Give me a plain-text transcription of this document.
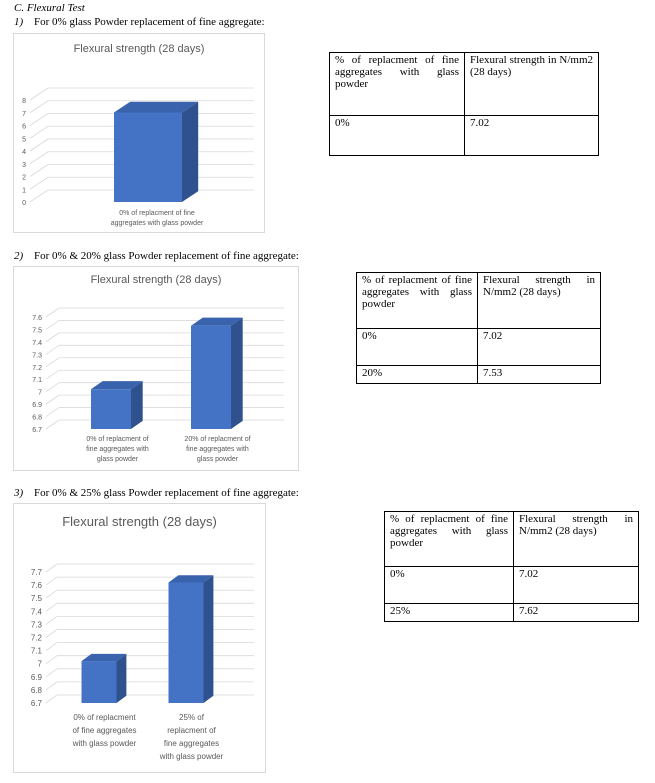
C. Flexural Test
1) For 0% glass Powder replacement of fine aggregate:
Flexural strength (28 days)
0
1
2
3
4
5
6
7
8
0% of replacment of fine
aggregates with glass powder
% of replacment of fine aggregates with glass powder	Flexural strength in N/mm2 (28 days)
0%	7.02
2) For 0% & 20% glass Powder replacement of fine aggregate:
Flexural strength (28 days)
6.7
6.8
6.9
7
7.1
7.2
7.3
7.4
7.5
7.6
0% of replacment of
fine aggregates with
glass powder
20% of replacment of
fine aggregates with
glass powder
% of replacment of fine aggregates with glass powder	Flexural strength in N/mm2 (28 days)
0%	7.02
20%	7.53
3) For 0% & 25% glass Powder replacement of fine aggregate:
Flexural strength (28 days)
6.7
6.8
6.9
7
7.1
7.2
7.3
7.4
7.5
7.6
7.7
0% of replacment
of fine aggregates
with glass powder
25% of
replacment of
fine aggregates
with glass powder
% of replacment of fine aggregates with glass powder	Flexural strength in N/mm2 (28 days)
0%	7.02
25%	7.62
